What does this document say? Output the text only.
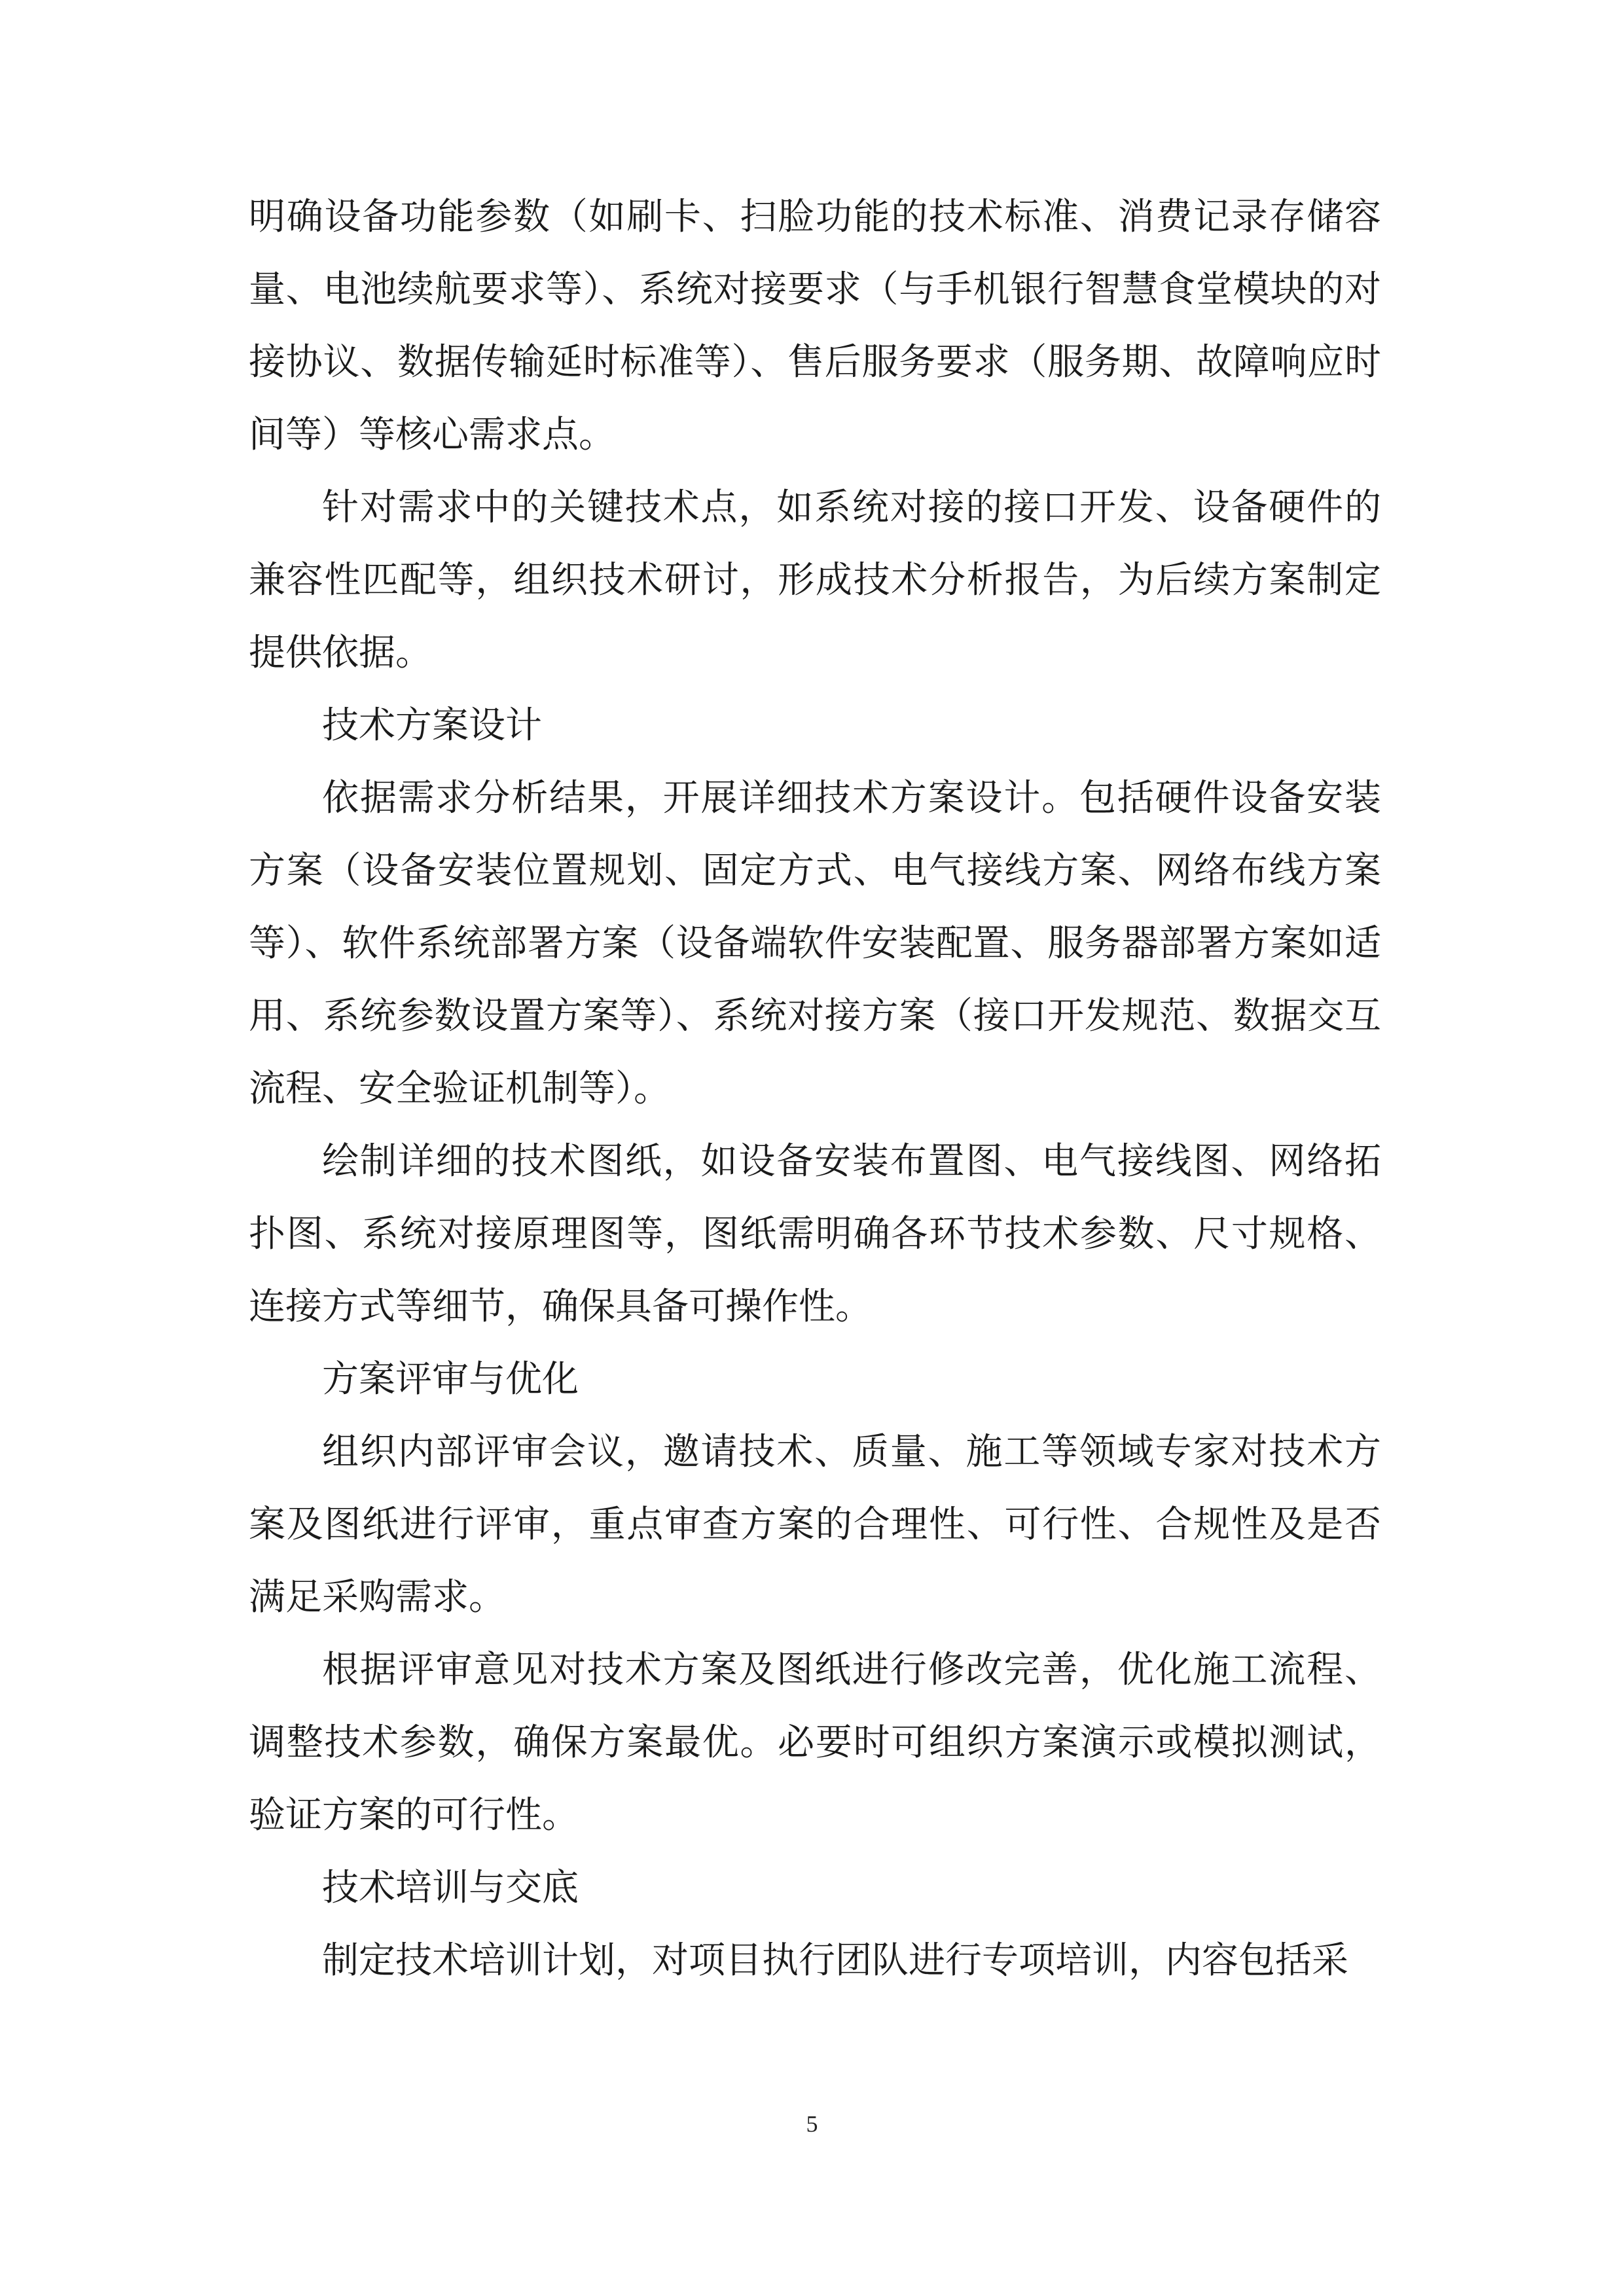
明确设备功能参数（如刷卡、扫脸功能的技术标准、消费记录存储容量、电池续航要求等）、系统对接要求（与手机银行智慧食堂模块的对接协议、数据传输延时标准等）、售后服务要求（服务期、故障响应时间等）等核心需求点。

针对需求中的关键技术点，如系统对接的接口开发、设备硬件的兼容性匹配等，组织技术研讨，形成技术分析报告，为后续方案制定提供依据。

技术方案设计

依据需求分析结果，开展详细技术方案设计。包括硬件设备安装方案（设备安装位置规划、固定方式、电气接线方案、网络布线方案等）、软件系统部署方案（设备端软件安装配置、服务器部署方案如适用、系统参数设置方案等）、系统对接方案（接口开发规范、数据交互流程、安全验证机制等）。

绘制详细的技术图纸，如设备安装布置图、电气接线图、网络拓扑图、系统对接原理图等，图纸需明确各环节技术参数、尺寸规格、连接方式等细节，确保具备可操作性。

方案评审与优化

组织内部评审会议，邀请技术、质量、施工等领域专家对技术方案及图纸进行评审，重点审查方案的合理性、可行性、合规性及是否满足采购需求。

根据评审意见对技术方案及图纸进行修改完善，优化施工流程、调整技术参数，确保方案最优。必要时可组织方案演示或模拟测试，验证方案的可行性。

技术培训与交底

制定技术培训计划，对项目执行团队进行专项培训，内容包括采

5
